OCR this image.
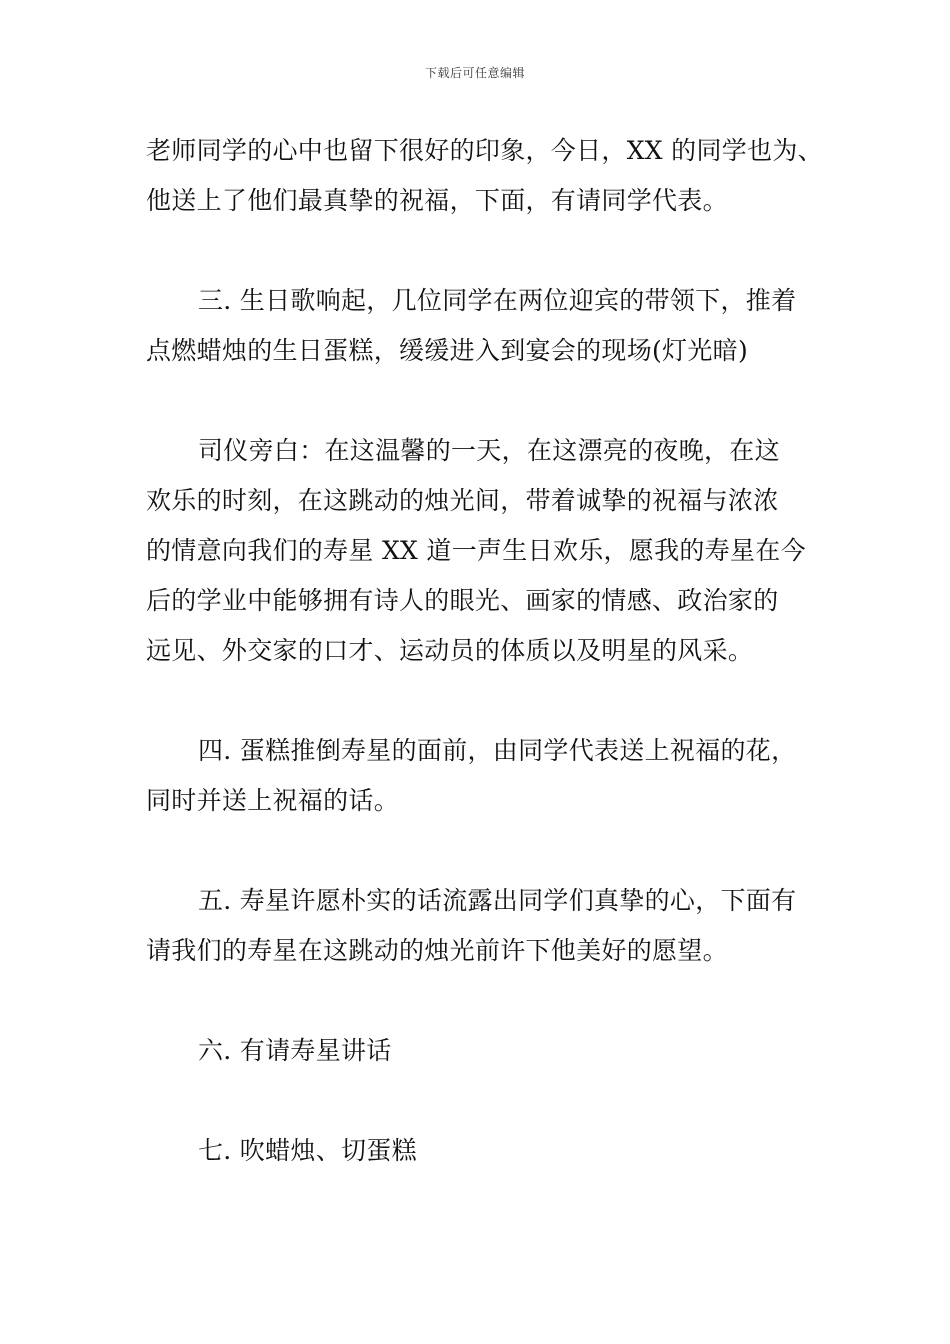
下载后可任意编辑
老师同学的心中也留下很好的印象，今日，XX 的同学也为、
他送上了他们最真挚的祝福，下面，有请同学代表。
三. 生日歌响起，几位同学在两位迎宾的带领下，推着
点燃蜡烛的生日蛋糕，缓缓进入到宴会的现场(灯光暗)
司仪旁白：在这温馨的一天，在这漂亮的夜晚，在这
欢乐的时刻，在这跳动的烛光间，带着诚挚的祝福与浓浓
的情意向我们的寿星 XX 道一声生日欢乐，愿我的寿星在今
后的学业中能够拥有诗人的眼光、画家的情感、政治家的
远见、外交家的口才、运动员的体质以及明星的风采。
四. 蛋糕推倒寿星的面前，由同学代表送上祝福的花，
同时并送上祝福的话。
五. 寿星许愿朴实的话流露出同学们真挚的心，下面有
请我们的寿星在这跳动的烛光前许下他美好的愿望。
六. 有请寿星讲话
七. 吹蜡烛、切蛋糕
